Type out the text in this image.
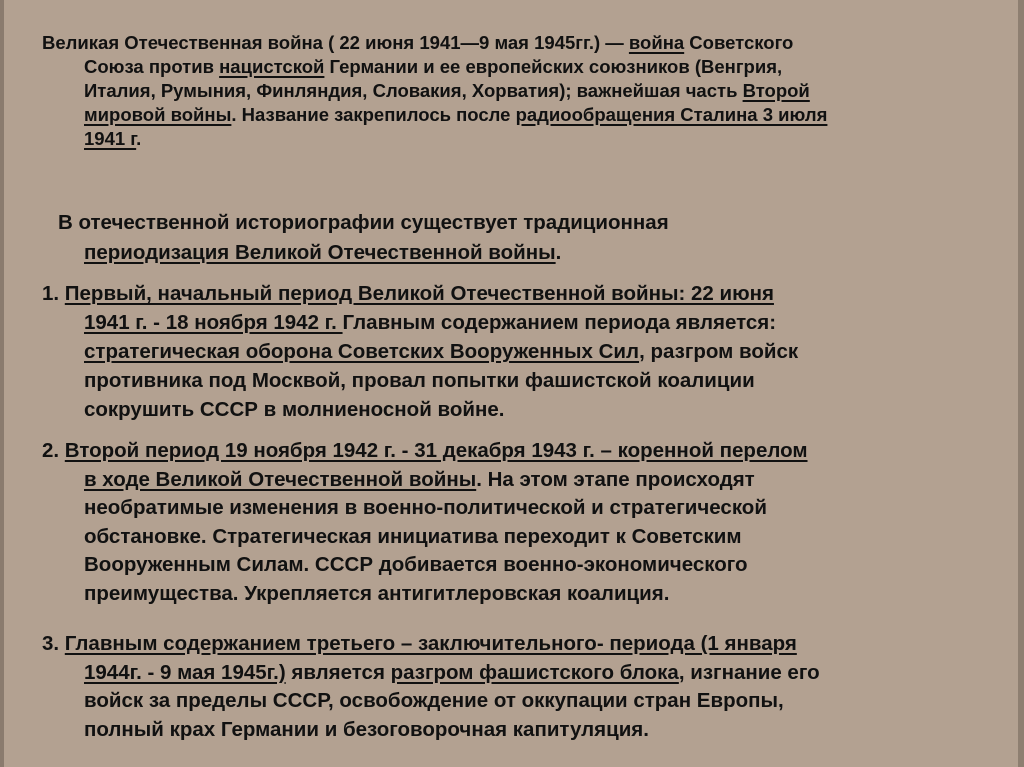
Великая Отечественная война ( 22 июня 1941—9 мая 1945гг.) — война Советского
Союза против нацистской Германии и ее европейских союзников (Венгрия,
Италия, Румыния, Финляндия, Словакия, Хорватия); важнейшая часть Второй
мировой войны. Название закрепилось после радиообращения Сталина 3 июля
1941 г.
В отечественной историографии существует традиционная
периодизация Великой Отечественной войны.
1. Первый, начальный период Великой Отечественной войны: 22 июня
1941 г. - 18 ноября 1942 г. Главным содержанием периода является:
стратегическая оборона Советских Вооруженных Сил, разгром войск
противника под Москвой, провал попытки фашистской коалиции
сокрушить СССР в молниеносной войне.
2. Второй период 19 ноября 1942 г. - 31 декабря 1943 г. – коренной перелом
в ходе Великой Отечественной войны. На этом этапе происходят
необратимые изменения в военно-политической и стратегической
обстановке. Стратегическая инициатива переходит к Советским
Вооруженным Силам. СССР добивается военно-экономического
преимущества. Укрепляется антигитлеровская коалиция.
3. Главным содержанием третьего – заключительного- периода (1 января
1944г. - 9 мая 1945г.) является разгром фашистского блока, изгнание его
войск за пределы СССР, освобождение от оккупации стран Европы,
полный крах Германии и безоговорочная капитуляция.
